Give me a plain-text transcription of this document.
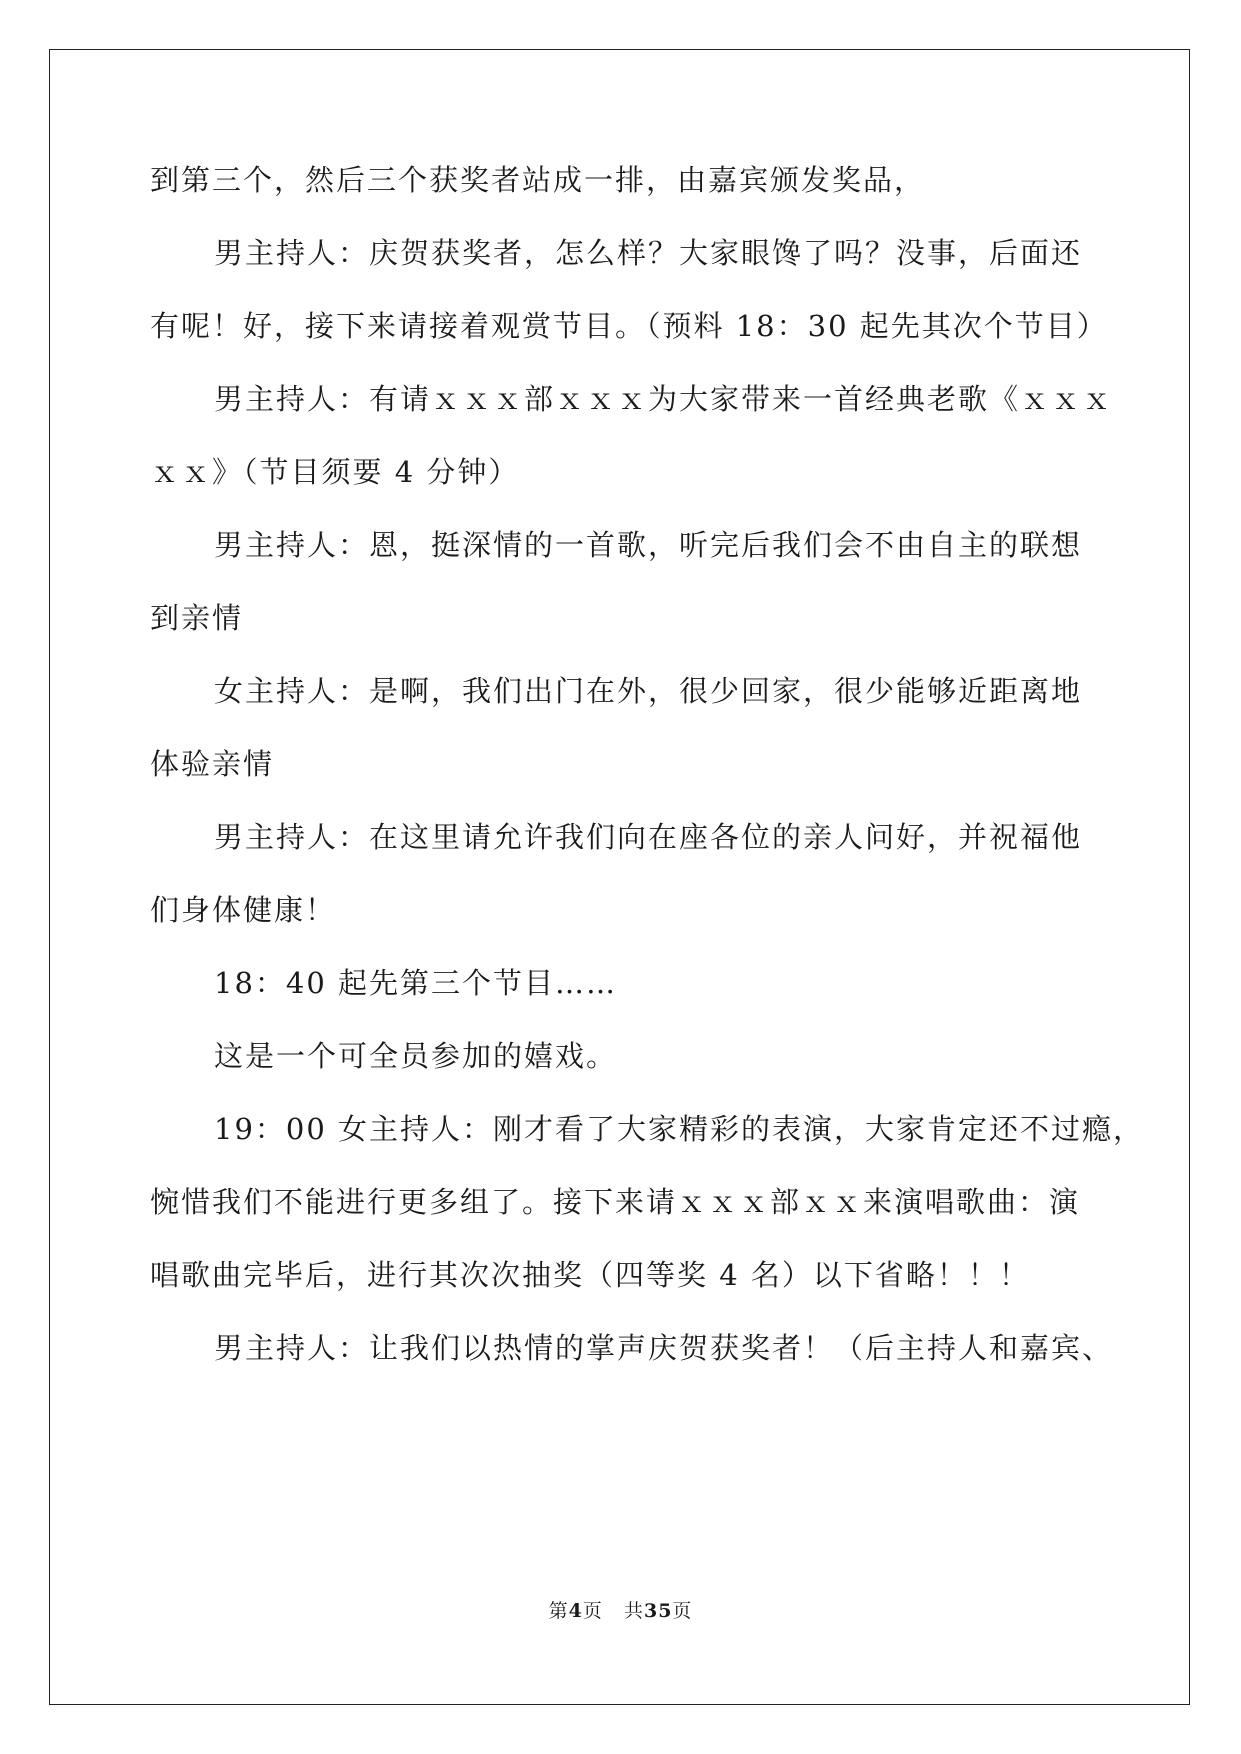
到第三个，然后三个获奖者站成一排，由嘉宾颁发奖品，
男主持人：庆贺获奖者，怎么样？大家眼馋了吗？没事，后面还
有呢！好，接下来请接着观赏节目。（预料 18：30 起先其次个节目）
男主持人：有请ｘｘｘ部ｘｘｘ为大家带来一首经典老歌《ｘｘｘ
ｘｘ》（节目须要 4 分钟）
男主持人：恩，挺深情的一首歌，听完后我们会不由自主的联想
到亲情
女主持人：是啊，我们出门在外，很少回家，很少能够近距离地
体验亲情
男主持人：在这里请允许我们向在座各位的亲人问好，并祝福他
们身体健康！
18：40 起先第三个节目……
这是一个可全员参加的嬉戏。
19：00 女主持人：刚才看了大家精彩的表演，大家肯定还不过瘾，
惋惜我们不能进行更多组了。接下来请ｘｘｘ部ｘｘ来演唱歌曲：演
唱歌曲完毕后，进行其次次抽奖（四等奖 4 名）以下省略！！！
男主持人：让我们以热情的掌声庆贺获奖者！（后主持人和嘉宾、
第4页 共35页
